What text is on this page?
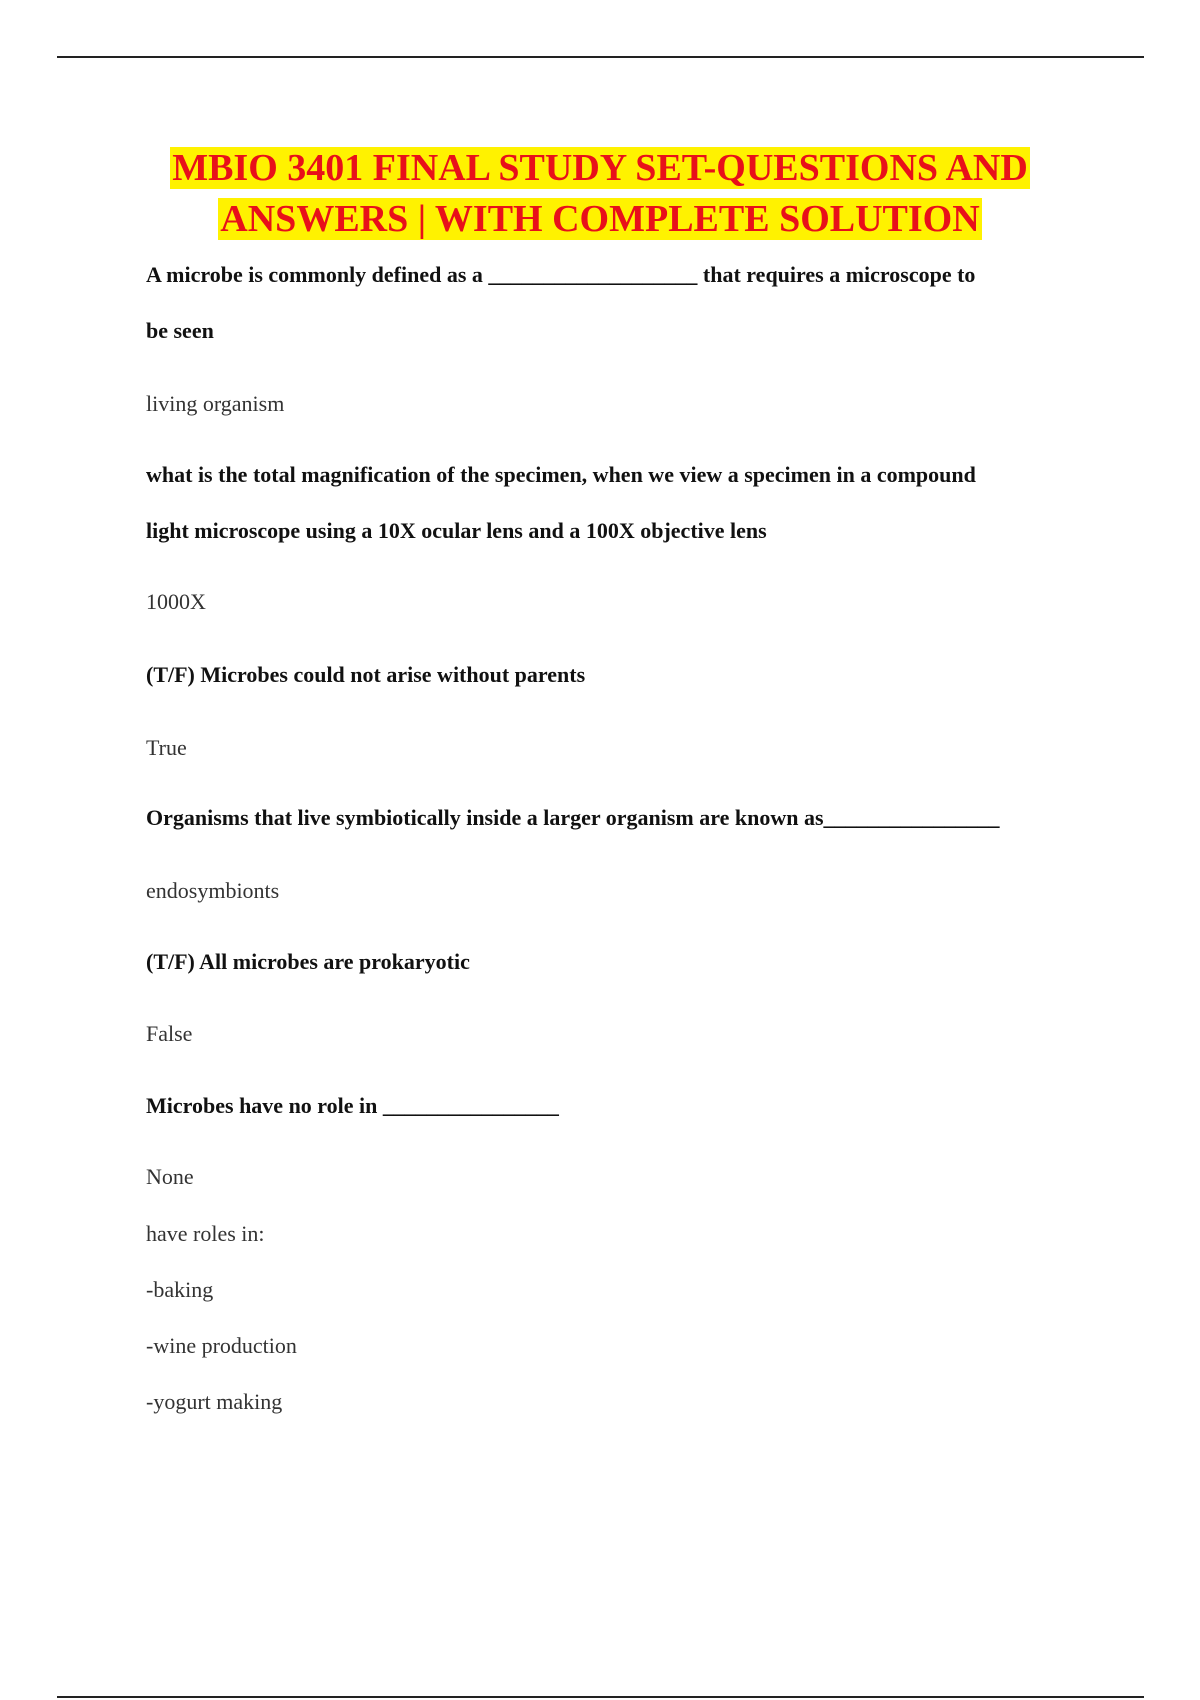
MBIO 3401 FINAL STUDY SET-QUESTIONS AND
ANSWERS | WITH COMPLETE SOLUTION
A microbe is commonly defined as a ___________________ that requires a microscope to
be seen
living organism
what is the total magnification of the specimen, when we view a specimen in a compound
light microscope using a 10X ocular lens and a 100X objective lens
1000X
(T/F) Microbes could not arise without parents
True
Organisms that live symbiotically inside a larger organism are known as________________
endosymbionts
(T/F) All microbes are prokaryotic
False
Microbes have no role in ________________
None
have roles in:
-baking
-wine production
-yogurt making
